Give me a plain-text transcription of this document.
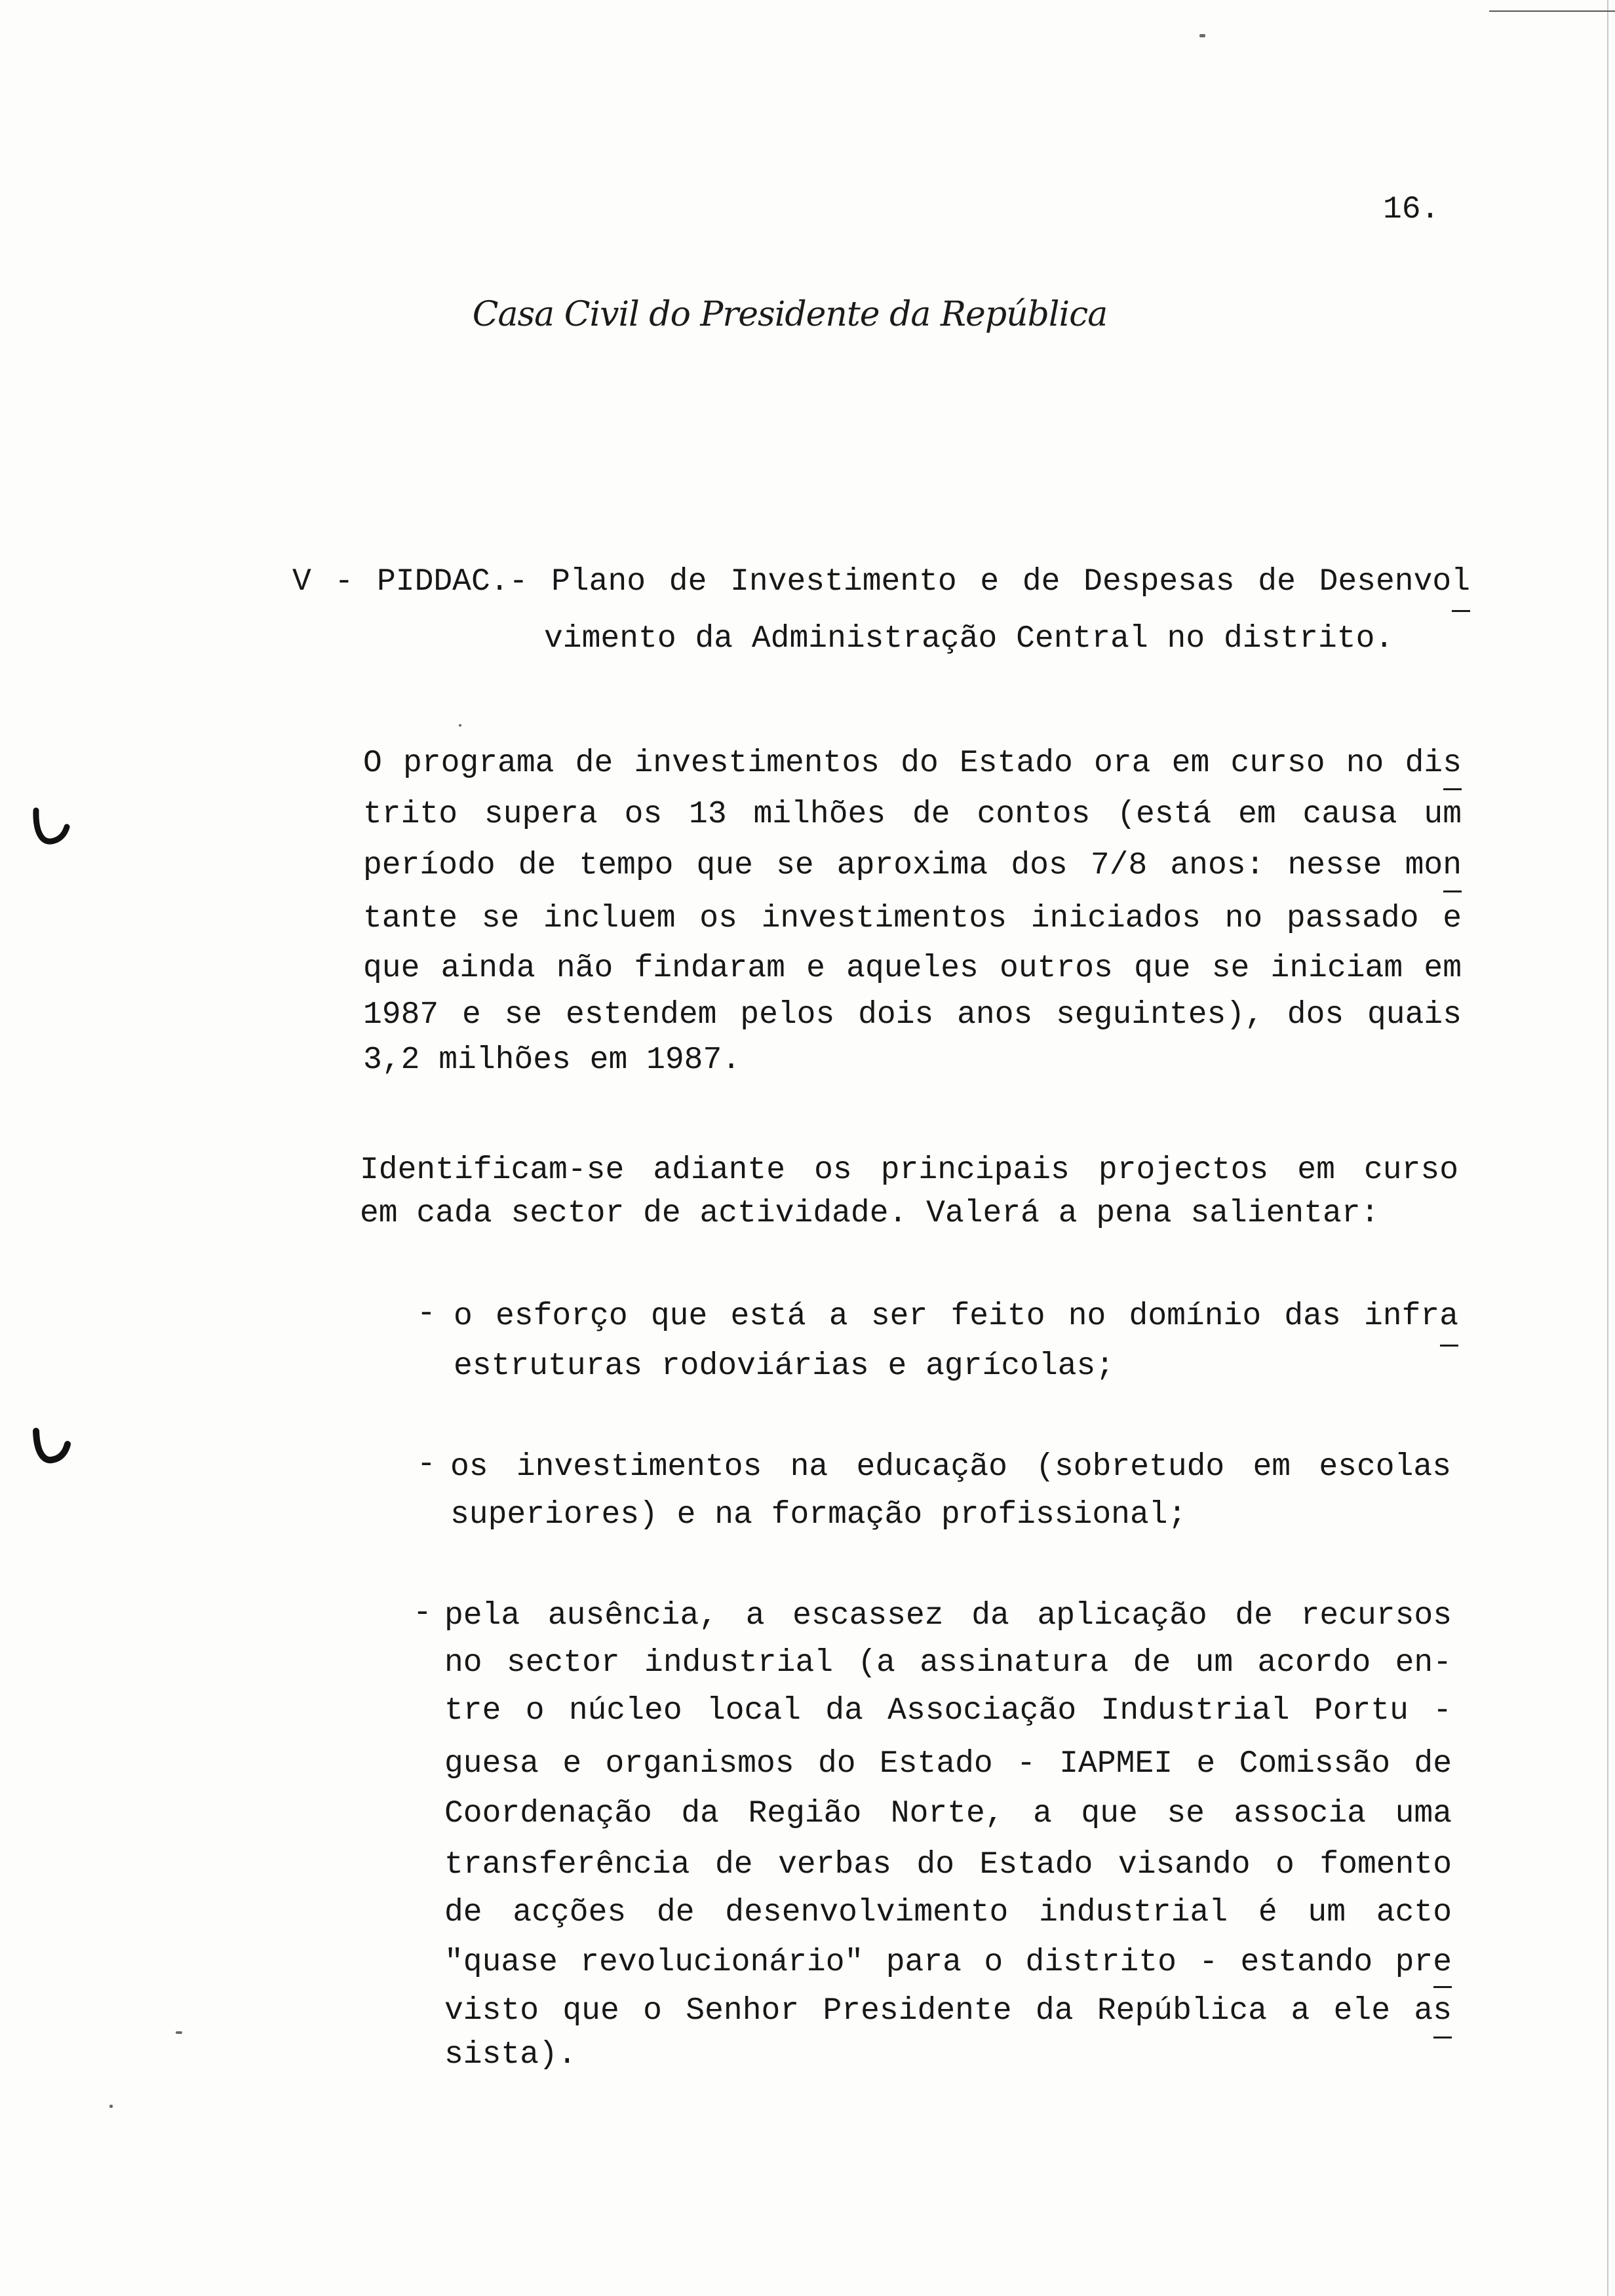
16.
Casa Civil do Presidente da República
V - PIDDAC.- Plano de Investimento e de Despesas de Desenvol
vimento da Administração Central no distrito.
O programa de investimentos do Estado ora em curso no dis
trito supera os 13 milhões de contos (está em causa um
período de tempo que se aproxima dos 7/8 anos: nesse mon
tante se incluem os investimentos iniciados no passado e
que ainda não findaram e aqueles outros que se iniciam em
1987 e se estendem pelos dois anos seguintes), dos quais
3,2 milhões em 1987.
Identificam-se adiante os principais projectos em curso
em cada sector de actividade. Valerá a pena salientar:
- o esforço que está a ser feito no domínio das infra
estruturas rodoviárias e agrícolas;
- os investimentos na educação (sobretudo em escolas
superiores) e na formação profissional;
- pela ausência, a escassez da aplicação de recursos
no sector industrial (a assinatura de um acordo en-
tre o núcleo local da Associação Industrial Portu -
guesa e organismos do Estado - IAPMEI e Comissão de
Coordenação da Região Norte, a que se associa uma
transferência de verbas do Estado visando o fomento
de acções de desenvolvimento industrial é um acto
"quase revolucionário" para o distrito - estando pre
visto que o Senhor Presidente da República a ele as
sista).
